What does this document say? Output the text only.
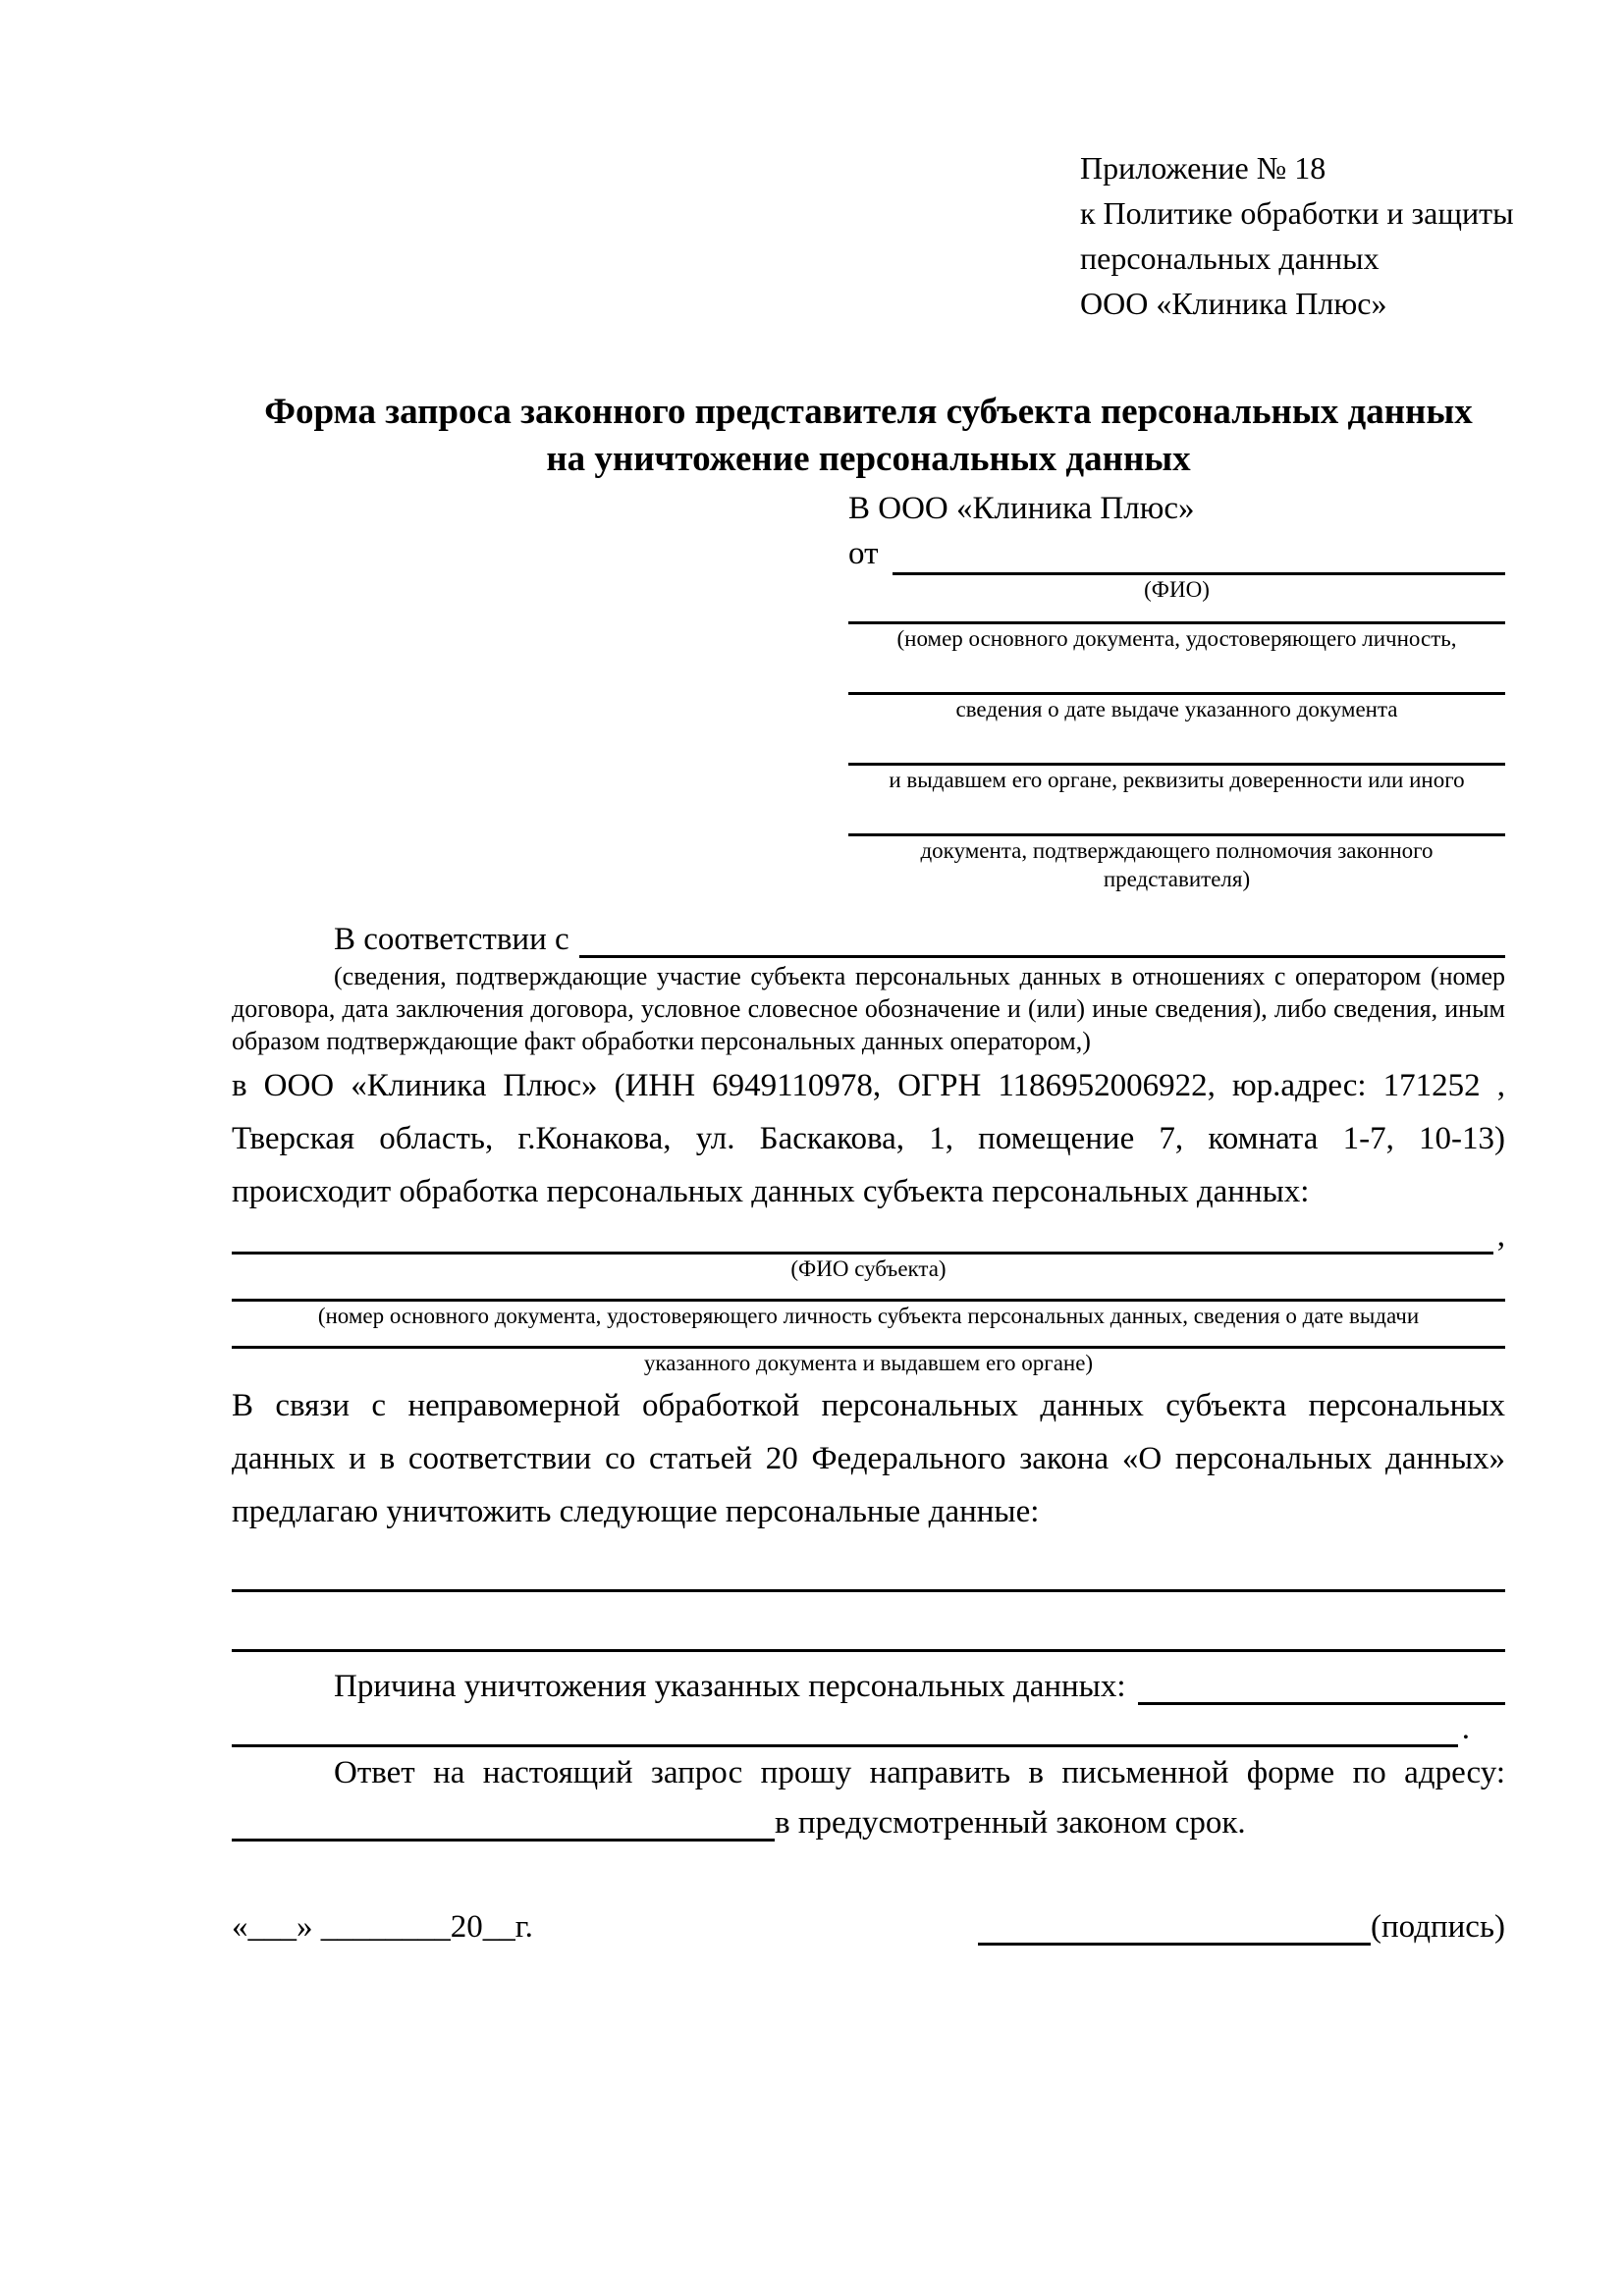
Приложение № 18
к Политике обработки и защиты
персональных данных
ООО «Клиника Плюс»
Форма запроса законного представителя субъекта персональных данных
на уничтожение персональных данных
В ООО «Клиника Плюс»
от
(ФИО)
(номер основного документа, удостоверяющего личность,
сведения о дате выдаче указанного документа
и выдавшем его органе, реквизиты доверенности или иного
документа, подтверждающего полномочия законного представителя)
В соответствии с

(сведения, подтверждающие участие субъекта персональных данных в отношениях с оператором (номер договора, дата заключения договора, условное словесное обозначение и (или) иные сведения), либо сведения, иным образом подтверждающие факт обработки персональных данных оператором,)

в ООО «Клиника Плюс» (ИНН 6949110978, ОГРН 1186952006922, юр.адрес: 171252 , Тверская область, г.Конакова, ул. Баскакова, 1, помещение 7, комната 1-7, 10-13) происходит обработка персональных данных субъекта персональных данных:

,
(ФИО субъекта)
(номер основного документа, удостоверяющего личность субъекта персональных данных, сведения о дате выдачи
указанного документа и выдавшем его органе)

В связи с неправомерной обработкой персональных данных субъекта персональных данных и в соответствии со статьей 20 Федерального закона «О персональных данных» предлагаю уничтожить следующие персональные данные:

Причина уничтожения указанных персональных данных:
.

Ответ на настоящий запрос прошу направить в письменной форме по адресу:

в предусмотренный законом срок.
«___» ________20__г.	(подпись)
